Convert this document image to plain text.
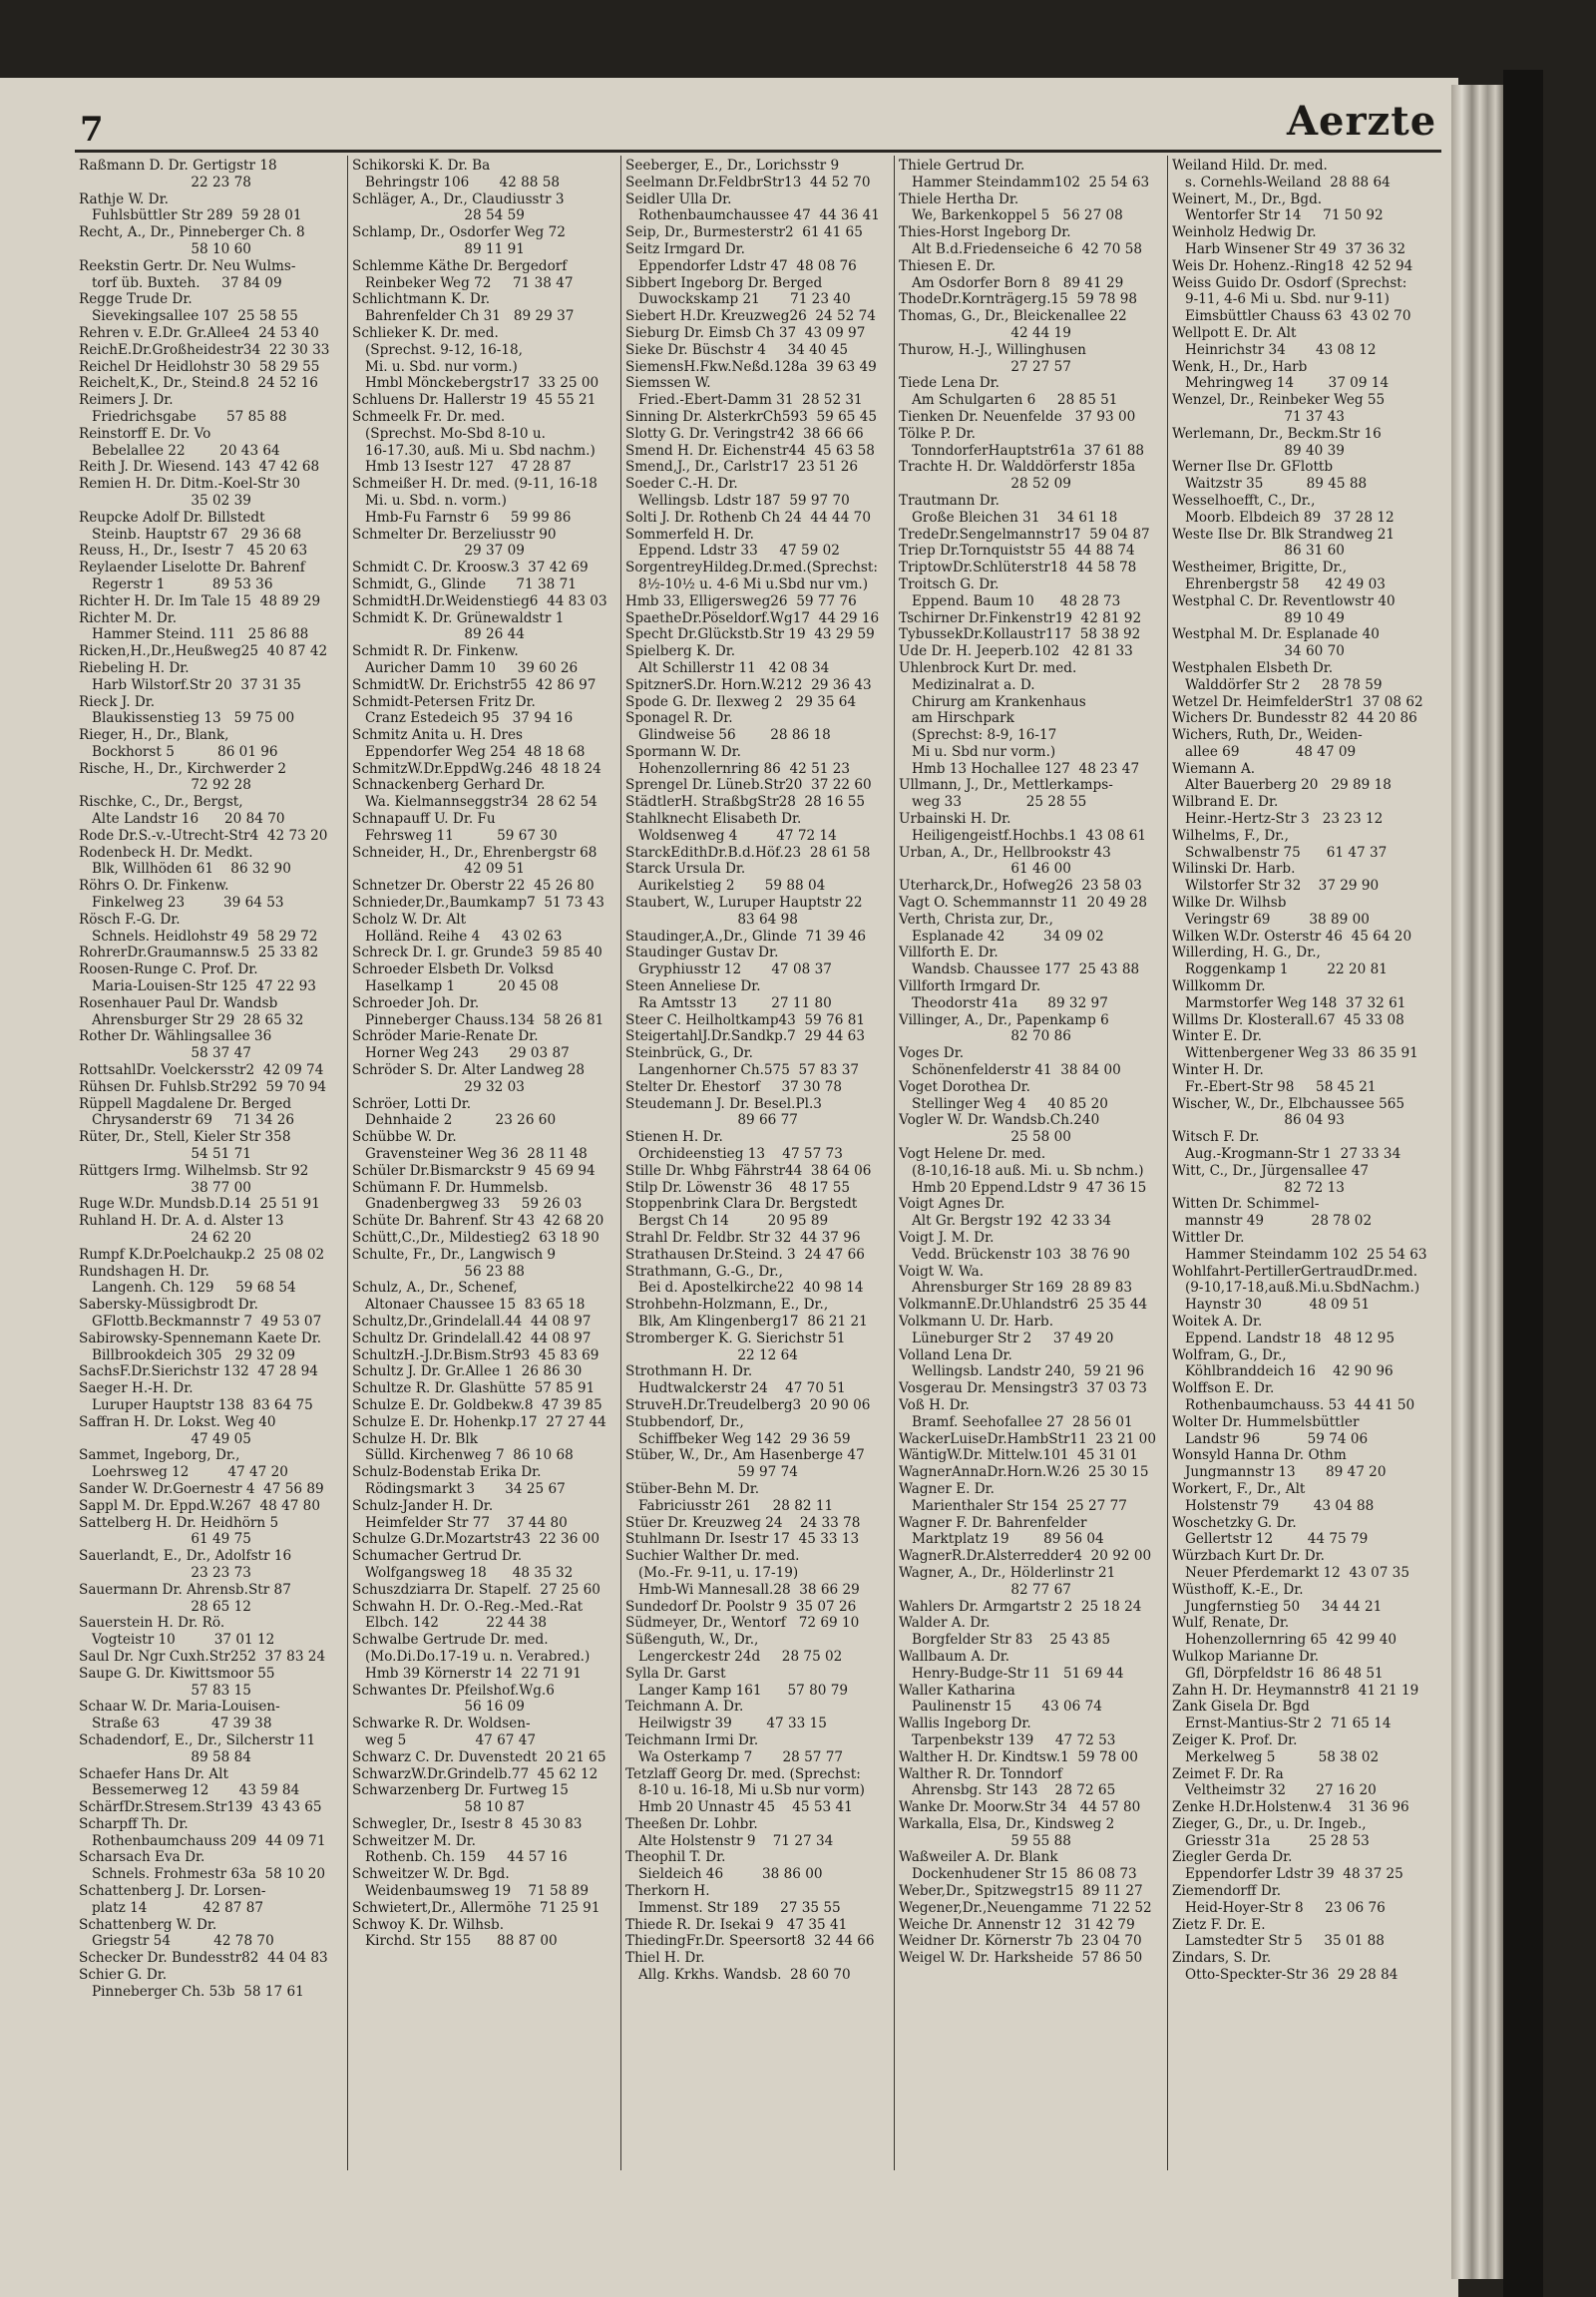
7	Aerzte
Raßmann D. Dr. Gertigstr 18
22 23 78
Rathje W. Dr.
Fuhlsbüttler Str 289  59 28 01
Recht, A., Dr., Pinneberger Ch. 8
58 10 60
Reekstin Gertr. Dr. Neu Wulms-
torf üb. Buxteh.     37 84 09
Regge Trude Dr.
Sievekingsallee 107  25 58 55
Rehren v. E.Dr. Gr.Allee4  24 53 40
ReichE.Dr.Großheidestr34  22 30 33
Reichel Dr Heidlohstr 30  58 29 55
Reichelt,K., Dr., Steind.8  24 52 16
Reimers J. Dr.
Friedrichsgabe       57 85 88
Reinstorff E. Dr. Vo
Bebelallee 22        20 43 64
Reith J. Dr. Wiesend. 143  47 42 68
Remien H. Dr. Ditm.-Koel-Str 30
35 02 39
Reupcke Adolf Dr. Billstedt
Steinb. Hauptstr 67   29 36 68
Reuss, H., Dr., Isestr 7   45 20 63
Reylaender Liselotte Dr. Bahrenf
Regerstr 1           89 53 36
Richter H. Dr. Im Tale 15  48 89 29
Richter M. Dr.
Hammer Steind. 111   25 86 88
Ricken,H.,Dr.,Heußweg25  40 87 42
Riebeling H. Dr.
Harb Wilstorf.Str 20  37 31 35
Rieck J. Dr.
Blaukissenstieg 13   59 75 00
Rieger, H., Dr., Blank,
Bockhorst 5          86 01 96
Rische, H., Dr., Kirchwerder 2
72 92 28
Rischke, C., Dr., Bergst,
Alte Landstr 16      20 84 70
Rode Dr.S.-v.-Utrecht-Str4  42 73 20
Rodenbeck H. Dr. Medkt.
Blk, Willhöden 61    86 32 90
Röhrs O. Dr. Finkenw.
Finkelweg 23         39 64 53
Rösch F.-G. Dr.
Schnels. Heidlohstr 49  58 29 72
RohrerDr.Graumannsw.5  25 33 82
Roosen-Runge C. Prof. Dr.
Maria-Louisen-Str 125  47 22 93
Rosenhauer Paul Dr. Wandsb
Ahrensburger Str 29  28 65 32
Rother Dr. Wählingsallee 36
58 37 47
RottsahlDr. Voelckersstr2  42 09 74
Rühsen Dr. Fuhlsb.Str292  59 70 94
Rüppell Magdalene Dr. Berged
Chrysanderstr 69     71 34 26
Rüter, Dr., Stell, Kieler Str 358
54 51 71
Rüttgers Irmg. Wilhelmsb. Str 92
38 77 00
Ruge W.Dr. Mundsb.D.14  25 51 91
Ruhland H. Dr. A. d. Alster 13
24 62 20
Rumpf K.Dr.Poelchaukp.2  25 08 02
Rundshagen H. Dr.
Langenh. Ch. 129     59 68 54
Sabersky-Müssigbrodt Dr.
GFlottb.Beckmannstr 7  49 53 07
Sabirowsky-Spennemann Kaete Dr.
Billbrookdeich 305   29 32 09
SachsF.Dr.Sierichstr 132  47 28 94
Saeger H.-H. Dr.
Luruper Hauptstr 138  83 64 75
Saffran H. Dr. Lokst. Weg 40
47 49 05
Sammet, Ingeborg, Dr.,
Loehrsweg 12         47 47 20
Sander W. Dr.Goernestr 4  47 56 89
Sappl M. Dr. Eppd.W.267  48 47 80
Sattelberg H. Dr. Heidhörn 5
61 49 75
Sauerlandt, E., Dr., Adolfstr 16
23 23 73
Sauermann Dr. Ahrensb.Str 87
28 65 12
Sauerstein H. Dr. Rö.
Vogteistr 10         37 01 12
Saul Dr. Ngr Cuxh.Str252  37 83 24
Saupe G. Dr. Kiwittsmoor 55
57 83 15
Schaar W. Dr. Maria-Louisen-
Straße 63            47 39 38
Schadendorf, E., Dr., Silcherstr 11
89 58 84
Schaefer Hans Dr. Alt
Bessemerweg 12       43 59 84
SchärfDr.Stresem.Str139  43 43 65
Scharpff Th. Dr.
Rothenbaumchauss 209  44 09 71
Scharsach Eva Dr.
Schnels. Frohmestr 63a  58 10 20
Schattenberg J. Dr. Lorsen-
platz 14             42 87 87
Schattenberg W. Dr.
Griegstr 54          42 78 70
Schecker Dr. Bundesstr82  44 04 83
Schier G. Dr.
Pinneberger Ch. 53b  58 17 61
Schikorski K. Dr. Ba
Behringstr 106       42 88 58
Schläger, A., Dr., Claudiusstr 3
28 54 59
Schlamp, Dr., Osdorfer Weg 72
89 11 91
Schlemme Käthe Dr. Bergedorf
Reinbeker Weg 72     71 38 47
Schlichtmann K. Dr.
Bahrenfelder Ch 31   89 29 37
Schlieker K. Dr. med.
(Sprechst. 9-12, 16-18,
Mi. u. Sbd. nur vorm.)
Hmbl Mönckebergstr17  33 25 00
Schluens Dr. Hallerstr 19  45 55 21
Schmeelk Fr. Dr. med.
(Sprechst. Mo-Sbd 8-10 u.
16-17.30, auß. Mi u. Sbd nachm.)
Hmb 13 Isestr 127    47 28 87
Schmeißer H. Dr. med. (9-11, 16-18
Mi. u. Sbd. n. vorm.)
Hmb-Fu Farnstr 6     59 99 86
Schmelter Dr. Berzeliusstr 90
29 37 09
Schmidt C. Dr. Kroosw.3  37 42 69
Schmidt, G., Glinde       71 38 71
SchmidtH.Dr.Weidenstieg6  44 83 03
Schmidt K. Dr. Grünewaldstr 1
89 26 44
Schmidt R. Dr. Finkenw.
Auricher Damm 10     39 60 26
SchmidtW. Dr. Erichstr55  42 86 97
Schmidt-Petersen Fritz Dr.
Cranz Estedeich 95   37 94 16
Schmitz Anita u. H. Dres
Eppendorfer Weg 254  48 18 68
SchmitzW.Dr.EppdWg.246  48 18 24
Schnackenberg Gerhard Dr.
Wa. Kielmannseggstr34  28 62 54
Schnapauff U. Dr. Fu
Fehrsweg 11          59 67 30
Schneider, H., Dr., Ehrenbergstr 68
42 09 51
Schnetzer Dr. Oberstr 22  45 26 80
Schnieder,Dr.,Baumkamp7  51 73 43
Scholz W. Dr. Alt
Holländ. Reihe 4     43 02 63
Schreck Dr. I. gr. Grunde3  59 85 40
Schroeder Elsbeth Dr. Volksd
Haselkamp 1          20 45 08
Schroeder Joh. Dr.
Pinneberger Chauss.134  58 26 81
Schröder Marie-Renate Dr.
Horner Weg 243       29 03 87
Schröder S. Dr. Alter Landweg 28
29 32 03
Schröer, Lotti Dr.
Dehnhaide 2          23 26 60
Schübbe W. Dr.
Gravensteiner Weg 36  28 11 48
Schüler Dr.Bismarckstr 9  45 69 94
Schümann F. Dr. Hummelsb.
Gnadenbergweg 33     59 26 03
Schüte Dr. Bahrenf. Str 43  42 68 20
Schütt,C.,Dr., Mildestieg2  63 18 90
Schulte, Fr., Dr., Langwisch 9
56 23 88
Schulz, A., Dr., Schenef,
Altonaer Chaussee 15  83 65 18
Schultz,Dr.,Grindelall.44  44 08 97
Schultz Dr. Grindelall.42  44 08 97
SchultzH.-J.Dr.Bism.Str93  45 83 69
Schultz J. Dr. Gr.Allee 1  26 86 30
Schultze R. Dr. Glashütte  57 85 91
Schulze E. Dr. Goldbekw.8  47 39 85
Schulze E. Dr. Hohenkp.17  27 27 44
Schulze H. Dr. Blk
Sülld. Kirchenweg 7  86 10 68
Schulz-Bodenstab Erika Dr.
Rödingsmarkt 3       34 25 67
Schulz-Jander H. Dr.
Heimfelder Str 77    37 44 80
Schulze G.Dr.Mozartstr43  22 36 00
Schumacher Gertrud Dr.
Wolfgangsweg 18      48 35 32
Schuszdziarra Dr. Stapelf.  27 25 60
Schwahn H. Dr. O.-Reg.-Med.-Rat
Elbch. 142           22 44 38
Schwalbe Gertrude Dr. med.
(Mo.Di.Do.17-19 u. n. Verabred.)
Hmb 39 Körnerstr 14  22 71 91
Schwantes Dr. Pfeilshof.Wg.6
56 16 09
Schwarke R. Dr. Woldsen-
weg 5                47 67 47
Schwarz C. Dr. Duvenstedt  20 21 65
SchwarzW.Dr.Grindelb.77  45 62 12
Schwarzenberg Dr. Furtweg 15
58 10 87
Schwegler, Dr., Isestr 8  45 30 83
Schweitzer M. Dr.
Rothenb. Ch. 159     44 57 16
Schweitzer W. Dr. Bgd.
Weidenbaumsweg 19    71 58 89
Schwietert,Dr., Allermöhe  71 25 91
Schwoy K. Dr. Wilhsb.
Kirchd. Str 155      88 87 00
Seeberger, E., Dr., Lorichsstr 9
Seelmann Dr.FeldbrStr13  44 52 70
Seidler Ulla Dr.
Rothenbaumchaussee 47  44 36 41
Seip, Dr., Burmesterstr2  61 41 65
Seitz Irmgard Dr.
Eppendorfer Ldstr 47  48 08 76
Sibbert Ingeborg Dr. Berged
Duwockskamp 21       71 23 40
Siebert H.Dr. Kreuzweg26  24 52 74
Sieburg Dr. Eimsb Ch 37  43 09 97
Sieke Dr. Büschstr 4     34 40 45
SiemensH.Fkw.Neßd.128a  39 63 49
Siemssen W.
Fried.-Ebert-Damm 31  28 52 31
Sinning Dr. AlsterkrCh593  59 65 45
Slotty G. Dr. Veringstr42  38 66 66
Smend H. Dr. Eichenstr44  45 63 58
Smend,J., Dr., Carlstr17  23 51 26
Soeder C.-H. Dr.
Wellingsb. Ldstr 187  59 97 70
Solti J. Dr. Rothenb Ch 24  44 44 70
Sommerfeld H. Dr.
Eppend. Ldstr 33     47 59 02
SorgentreyHildeg.Dr.med.(Sprechst:
8½-10½ u. 4-6 Mi u.Sbd nur vm.)
Hmb 33, Elligersweg26  59 77 76
SpaetheDr.Pöseldorf.Wg17  44 29 16
Specht Dr.Glückstb.Str 19  43 29 59
Spielberg K. Dr.
Alt Schillerstr 11   42 08 34
SpitznerS.Dr. Horn.W.212  29 36 43
Spode G. Dr. Ilexweg 2   29 35 64
Sponagel R. Dr.
Glindweise 56        28 86 18
Spormann W. Dr.
Hohenzollernring 86  42 51 23
Sprengel Dr. Lüneb.Str20  37 22 60
StädtlerH. StraßbgStr28  28 16 55
Stahlknecht Elisabeth Dr.
Woldsenweg 4         47 72 14
StarckEdithDr.B.d.Höf.23  28 61 58
Starck Ursula Dr.
Aurikelstieg 2       59 88 04
Staubert, W., Luruper Hauptstr 22
83 64 98
Staudinger,A.,Dr., Glinde  71 39 46
Staudinger Gustav Dr.
Gryphiusstr 12       47 08 37
Steen Anneliese Dr.
Ra Amtsstr 13        27 11 80
Steer C. Heilholtkamp43  59 76 81
SteigertahlJ.Dr.Sandkp.7  29 44 63
Steinbrück, G., Dr.
Langenhorner Ch.575  57 83 37
Stelter Dr. Ehestorf     37 30 78
Steudemann J. Dr. Besel.Pl.3
89 66 77
Stienen H. Dr.
Orchideenstieg 13    47 57 73
Stille Dr. Whbg Fährstr44  38 64 06
Stilp Dr. Löwenstr 36    48 17 55
Stoppenbrink Clara Dr. Bergstedt
Bergst Ch 14         20 95 89
Strahl Dr. Feldbr. Str 32  44 37 96
Strathausen Dr.Steind. 3  24 47 66
Strathmann, G.-G., Dr.,
Bei d. Apostelkirche22  40 98 14
Strohbehn-Holzmann, E., Dr.,
Blk, Am Klingenberg17  86 21 21
Stromberger K. G. Sierichstr 51
22 12 64
Strothmann H. Dr.
Hudtwalckerstr 24    47 70 51
StruveH.Dr.Treudelberg3  20 90 06
Stubbendorf, Dr.,
Schiffbeker Weg 142  29 36 59
Stüber, W., Dr., Am Hasenberge 47
59 97 74
Stüber-Behn M. Dr.
Fabriciusstr 261     28 82 11
Stüer Dr. Kreuzweg 24    24 33 78
Stuhlmann Dr. Isestr 17  45 33 13
Suchier Walther Dr. med.
(Mo.-Fr. 9-11, u. 17-19)
Hmb-Wi Mannesall.28  38 66 29
Sundedorf Dr. Poolstr 9  35 07 26
Südmeyer, Dr., Wentorf   72 69 10
Süßenguth, W., Dr.,
Lengerckestr 24d     28 75 02
Sylla Dr. Garst
Langer Kamp 161      57 80 79
Teichmann A. Dr.
Heilwigstr 39        47 33 15
Teichmann Irmi Dr.
Wa Osterkamp 7       28 57 77
Tetzlaff Georg Dr. med. (Sprechst:
8-10 u. 16-18, Mi u.Sb nur vorm)
Hmb 20 Unnastr 45    45 53 41
Theeßen Dr. Lohbr.
Alte Holstenstr 9    71 27 34
Theophil T. Dr.
Sieldeich 46         38 86 00
Therkorn H.
Immenst. Str 189     27 35 55
Thiede R. Dr. Isekai 9   47 35 41
ThiedingFr.Dr. Speersort8  32 44 66
Thiel H. Dr.
Allg. Krkhs. Wandsb.  28 60 70
Thiele Gertrud Dr.
Hammer Steindamm102  25 54 63
Thiele Hertha Dr.
We, Barkenkoppel 5   56 27 08
Thies-Horst Ingeborg Dr.
Alt B.d.Friedenseiche 6  42 70 58
Thiesen E. Dr.
Am Osdorfer Born 8   89 41 29
ThodeDr.Kornträgerg.15  59 78 98
Thomas, G., Dr., Bleickenallee 22
42 44 19
Thurow, H.-J., Willinghusen
27 27 57
Tiede Lena Dr.
Am Schulgarten 6     28 85 51
Tienken Dr. Neuenfelde   37 93 00
Tölke P. Dr.
TonndorferHauptstr61a  37 61 88
Trachte H. Dr. Walddörferstr 185a
28 52 09
Trautmann Dr.
Große Bleichen 31    34 61 18
TredeDr.Sengelmannstr17  59 04 87
Triep Dr.Tornquiststr 55  44 88 74
TriptowDr.Schlüterstr18  44 58 78
Troitsch G. Dr.
Eppend. Baum 10      48 28 73
Tschirner Dr.Finkenstr19  42 81 92
TybussekDr.Kollaustr117  58 38 92
Ude Dr. H. Jeeperb.102   42 81 33
Uhlenbrock Kurt Dr. med.
Medizinalrat a. D.
Chirurg am Krankenhaus
am Hirschpark
(Sprechst: 8-9, 16-17
Mi u. Sbd nur vorm.)
Hmb 13 Hochallee 127  48 23 47
Ullmann, J., Dr., Mettlerkamps-
weg 33               25 28 55
Urbainski H. Dr.
Heiligengeistf.Hochbs.1  43 08 61
Urban, A., Dr., Hellbrookstr 43
61 46 00
Uterharck,Dr., Hofweg26  23 58 03
Vagt O. Schemmannstr 11  20 49 28
Verth, Christa zur, Dr.,
Esplanade 42         34 09 02
Villforth E. Dr.
Wandsb. Chaussee 177  25 43 88
Villforth Irmgard Dr.
Theodorstr 41a       89 32 97
Villinger, A., Dr., Papenkamp 6
82 70 86
Voges Dr.
Schönenfelderstr 41  38 84 00
Voget Dorothea Dr.
Stellinger Weg 4     40 85 20
Vogler W. Dr. Wandsb.Ch.240
25 58 00
Vogt Helene Dr. med.
(8-10,16-18 auß. Mi. u. Sb nchm.)
Hmb 20 Eppend.Ldstr 9  47 36 15
Voigt Agnes Dr.
Alt Gr. Bergstr 192  42 33 34
Voigt J. M. Dr.
Vedd. Brückenstr 103  38 76 90
Voigt W. Wa.
Ahrensburger Str 169  28 89 83
VolkmannE.Dr.Uhlandstr6  25 35 44
Volkmann U. Dr. Harb.
Lüneburger Str 2     37 49 20
Volland Lena Dr.
Wellingsb. Landstr 240,  59 21 96
Vosgerau Dr. Mensingstr3  37 03 73
Voß H. Dr.
Bramf. Seehofallee 27  28 56 01
WackerLuiseDr.HambStr11  23 21 00
WäntigW.Dr. Mittelw.101  45 31 01
WagnerAnnaDr.Horn.W.26  25 30 15
Wagner E. Dr.
Marienthaler Str 154  25 27 77
Wagner F. Dr. Bahrenfelder
Marktplatz 19        89 56 04
WagnerR.Dr.Alsterredder4  20 92 00
Wagner, A., Dr., Hölderlinstr 21
82 77 67
Wahlers Dr. Armgartstr 2  25 18 24
Walder A. Dr.
Borgfelder Str 83    25 43 85
Wallbaum A. Dr.
Henry-Budge-Str 11   51 69 44
Waller Katharina
Paulinenstr 15       43 06 74
Wallis Ingeborg Dr.
Tarpenbekstr 139     47 72 53
Walther H. Dr. Kindtsw.1  59 78 00
Walther R. Dr. Tonndorf
Ahrensbg. Str 143    28 72 65
Wanke Dr. Moorw.Str 34   44 57 80
Warkalla, Elsa, Dr., Kindsweg 2
59 55 88
Waßweiler A. Dr. Blank
Dockenhudener Str 15  86 08 73
Weber,Dr., Spitzwegstr15  89 11 27
Wegener,Dr.,Neuengamme  71 22 52
Weiche Dr. Annenstr 12   31 42 79
Weidner Dr. Körnerstr 7b  23 04 70
Weigel W. Dr. Harksheide  57 86 50
Weiland Hild. Dr. med.
s. Cornehls-Weiland  28 88 64
Weinert, M., Dr., Bgd.
Wentorfer Str 14     71 50 92
Weinholz Hedwig Dr.
Harb Winsener Str 49  37 36 32
Weis Dr. Hohenz.-Ring18  42 52 94
Weiss Guido Dr. Osdorf (Sprechst:
9-11, 4-6 Mi u. Sbd. nur 9-11)
Eimsbüttler Chauss 63  43 02 70
Wellpott E. Dr. Alt
Heinrichstr 34       43 08 12
Wenk, H., Dr., Harb
Mehringweg 14        37 09 14
Wenzel, Dr., Reinbeker Weg 55
71 37 43
Werlemann, Dr., Beckm.Str 16
89 40 39
Werner Ilse Dr. GFlottb
Waitzstr 35          89 45 88
Wesselhoefft, C., Dr.,
Moorb. Elbdeich 89   37 28 12
Weste Ilse Dr. Blk Strandweg 21
86 31 60
Westheimer, Brigitte, Dr.,
Ehrenbergstr 58      42 49 03
Westphal C. Dr. Reventlowstr 40
89 10 49
Westphal M. Dr. Esplanade 40
34 60 70
Westphalen Elsbeth Dr.
Walddörfer Str 2     28 78 59
Wetzel Dr. HeimfelderStr1  37 08 62
Wichers Dr. Bundesstr 82  44 20 86
Wichers, Ruth, Dr., Weiden-
allee 69             48 47 09
Wiemann A.
Alter Bauerberg 20   29 89 18
Wilbrand E. Dr.
Heinr.-Hertz-Str 3   23 23 12
Wilhelms, F., Dr.,
Schwalbenstr 75      61 47 37
Wilinski Dr. Harb.
Wilstorfer Str 32    37 29 90
Wilke Dr. Wilhsb
Veringstr 69         38 89 00
Wilken W.Dr. Osterstr 46  45 64 20
Willerding, H. G., Dr.,
Roggenkamp 1         22 20 81
Willkomm Dr.
Marmstorfer Weg 148  37 32 61
Willms Dr. Klosterall.67  45 33 08
Winter E. Dr.
Wittenbergener Weg 33  86 35 91
Winter H. Dr.
Fr.-Ebert-Str 98     58 45 21
Wischer, W., Dr., Elbchaussee 565
86 04 93
Witsch F. Dr.
Aug.-Krogmann-Str 1  27 33 34
Witt, C., Dr., Jürgensallee 47
82 72 13
Witten Dr. Schimmel-
mannstr 49           28 78 02
Wittler Dr.
Hammer Steindamm 102  25 54 63
Wohlfahrt-PertillerGertraudDr.med.
(9-10,17-18,auß.Mi.u.SbdNachm.)
Haynstr 30           48 09 51
Woitek A. Dr.
Eppend. Landstr 18   48 12 95
Wolfram, G., Dr.,
Köhlbranddeich 16    42 90 96
Wolffson E. Dr.
Rothenbaumchauss. 53  44 41 50
Wolter Dr. Hummelsbüttler
Landstr 96           59 74 06
Wonsyld Hanna Dr. Othm
Jungmannstr 13       89 47 20
Workert, F., Dr., Alt
Holstenstr 79        43 04 88
Woschetzky G. Dr.
Gellertstr 12        44 75 79
Würzbach Kurt Dr. Dr.
Neuer Pferdemarkt 12  43 07 35
Wüsthoff, K.-E., Dr.
Jungfernstieg 50     34 44 21
Wulf, Renate, Dr.
Hohenzollernring 65  42 99 40
Wulkop Marianne Dr.
Gfl, Dörpfeldstr 16  86 48 51
Zahn H. Dr. Heymannstr8  41 21 19
Zank Gisela Dr. Bgd
Ernst-Mantius-Str 2  71 65 14
Zeiger K. Prof. Dr.
Merkelweg 5          58 38 02
Zeimet F. Dr. Ra
Veltheimstr 32       27 16 20
Zenke H.Dr.Holstenw.4    31 36 96
Zieger, G., Dr., u. Dr. Ingeb.,
Griesstr 31a         25 28 53
Ziegler Gerda Dr.
Eppendorfer Ldstr 39  48 37 25
Ziemendorff Dr.
Heid-Hoyer-Str 8     23 06 76
Zietz F. Dr. E.
Lamstedter Str 5     35 01 88
Zindars, S. Dr.
Otto-Speckter-Str 36  29 28 84
